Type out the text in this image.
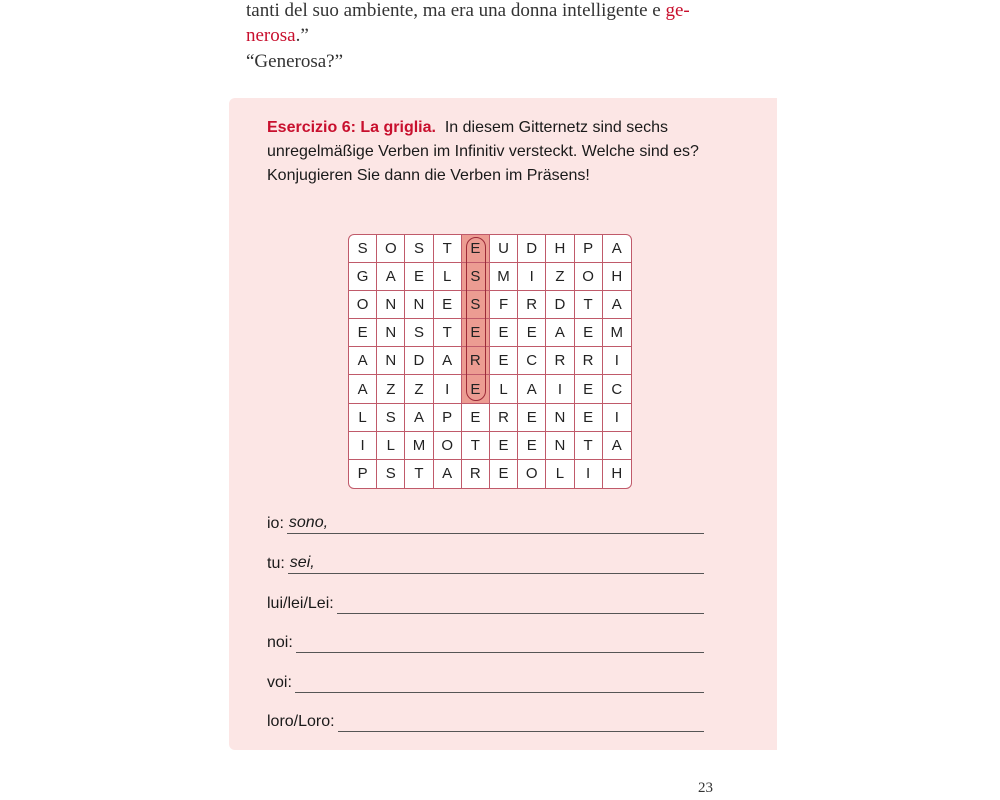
tanti del suo ambiente, ma era una donna intelligente e ge-
nerosa.”
“Generosa?”
Esercizio 6: La griglia. In diesem Gitternetz sind sechs unregelmäßige Verben im Infinitiv versteckt. Welche sind es? Konjugieren Sie dann die Verben im Präsens!
S	O	S	T	E	U	D	H	P	A
G	A	E	L	S	M	I	Z	O	H
O	N	N	E	S	F	R	D	T	A
E	N	S	T	E	E	E	A	E	M
A	N	D	A	R	E	C	R	R	I
A	Z	Z	I	E	L	A	I	E	C
L	S	A	P	E	R	E	N	E	I
I	L	M	O	T	E	E	N	T	A
P	S	T	A	R	E	O	L	I	H
io: sono,
tu: sei,
lui/lei/Lei:
noi:
voi:
loro/Loro:
23
